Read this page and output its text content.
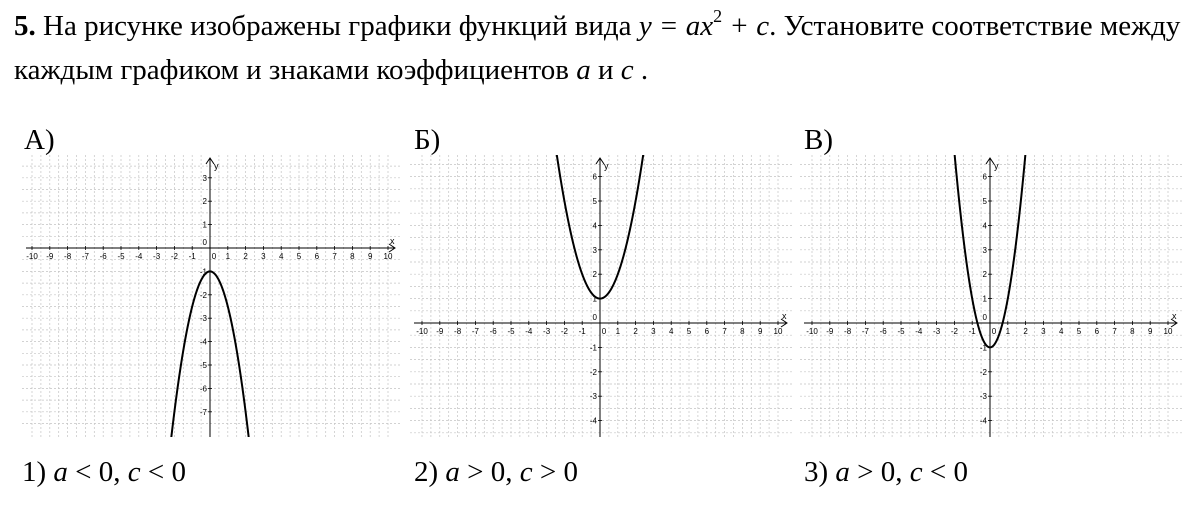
5. На рисунке изображены графики функций вида $y = ax^2 + c$. Установите соответствие между каждым графиком и знаками коэффициентов a и c .
А)	Б)	В)
x
y
-10 -9 -8 -7 -6 -5 -4 -3 -2 -1 0 1 2 3 4 5 6 7 8 9 10
3
2
1
0
-1
-2
-3
-4
-5
-6
-7
x
y
-10 -9 -8 -7 -6 -5 -4 -3 -2 -1 0 1 2 3 4 5 6 7 8 9 10
6
5
4
3
2
1
0
-1
-2
-3
-4
x
y
-10 -9 -8 -7 -6 -5 -4 -3 -2 -1 0 1 2 3 4 5 6 7 8 9 10
6
5
4
3
2
1
0
-1
-2
-3
-4
1) a < 0, c < 0	2) a > 0, c > 0	3) a > 0, c < 0
